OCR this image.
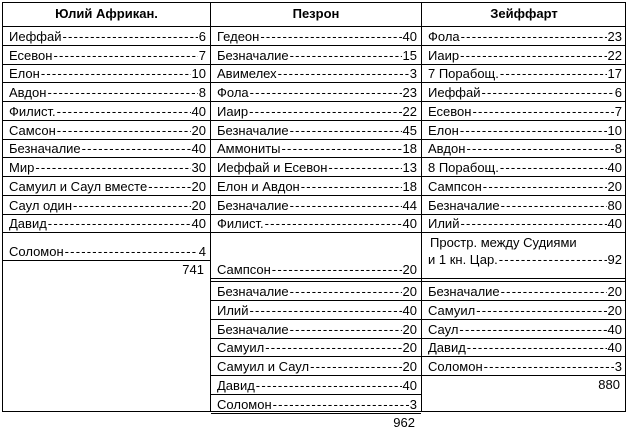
Юлий Африкан.
Иеффай -----	6
Есевон -----	7
Елон -----	10
Авдон -----	8
Филист. -----	40
Самсон -----	20
Безначалие -----	40
Мир -----	30
Самуил и Саул вместе -----	20
Саул один -----	20
Давид -----	40
Соломон -----	4
741
Пезрон
Гедеон -----	40
Безначалие -----	15
Авимелех -----	3
Фола -----	23
Иаир -----	22
Безначалие -----	45
Аммониты -----	18
Иеффай и Есевон -----	13
Елон и Авдон -----	18
Безначалие -----	44
Филист. -----	40
Сампсон -----	20
Безначалие -----	20
Илий -----	40
Безначалие -----	20
Самуил -----	20
Самуил и Саул -----	20
Давид -----	40
Соломон -----	3
962
Зейффарт
Фола -----	23
Иаир -----	22
7 Порабощ. -----	17
Иеффай -----	6
Есевон -----	7
Елон -----	10
Авдон -----	8
8 Порабощ. -----	40
Сампсон -----	20
Безначалие -----	80
Илий -----	40
Простр. между Судиями
и 1 кн. Цар. -----	92
Безначалие -----	20
Самуил -----	20
Саул -----	40
Давид -----	40
Соломон -----	3
880
